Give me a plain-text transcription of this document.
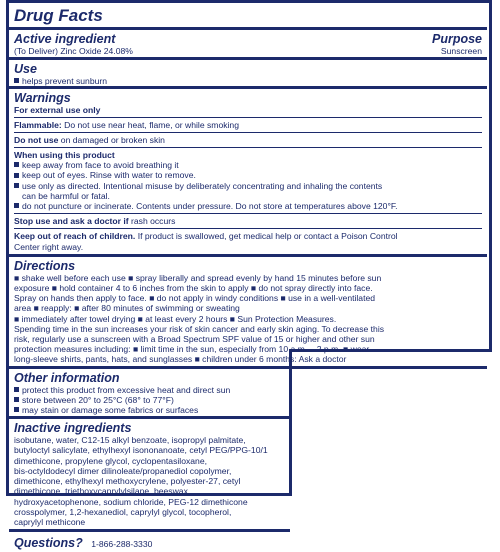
Drug Facts
Active ingredient	Purpose
(To Deliver) Zinc Oxide 24.08%	Sunscreen
Use
helps prevent sunburn
Warnings
For external use only
Flammable: Do not use near heat, flame, or while smoking
Do not use on damaged or broken skin
When using this product
keep away from face to avoid breathing it
keep out of eyes. Rinse with water to remove.
use only as directed. Intentional misuse by deliberately concentrating and inhaling the contents
can be harmful or fatal.
do not puncture or incinerate. Contents under pressure. Do not store at temperatures above 120°F.
Stop use and ask a doctor if rash occurs
Keep out of reach of children. If product is swallowed, get medical help or contact a Poison Control
Center right away.
Directions
■ shake well before each use ■ spray liberally and spread evenly by hand 15 minutes before sun
exposure ■ hold container 4 to 6 inches from the skin to apply ■ do not spray directly into face.
Spray on hands then apply to face. ■ do not apply in windy conditions ■ use in a well-ventilated
area ■ reapply: ■ after 80 minutes of swimming or sweating
■ immediately after towel drying ■ at least every 2 hours ■ Sun Protection Measures.
Spending time in the sun increases your risk of skin cancer and early skin aging. To decrease this
risk, regularly use a sunscreen with a Broad Spectrum SPF value of 15 or higher and other sun
protection measures including: ■ limit time in the sun, especially from 10 a.m. – 2 p.m. ■ wear
long-sleeve shirts, pants, hats, and sunglasses ■ children under 6 months: Ask a doctor
Other information
protect this product from excessive heat and direct sun
store between 20° to 25°C (68° to 77°F)
may stain or damage some fabrics or surfaces
Inactive ingredients
isobutane, water, C12-15 alkyl benzoate, isopropyl palmitate,
butyloctyl salicylate, ethylhexyl isononanoate, cetyl PEG/PPG-10/1
dimethicone, propylene glycol, cyclopentasiloxane,
bis-octyldodecyl dimer dilinoleate/propanediol copolymer,
dimethicone, ethylhexyl methoxycrylene, polyester-27, cetyl
dimethicone, triethoxycaprylylsilane, beeswax,
hydroxyacetophenone, sodium chloride, PEG-12 dimethicone
crosspolymer, 1,2-hexanediol, caprylyl glycol, tocopherol,
caprylyl methicone
Questions? 1-866-288-3330
